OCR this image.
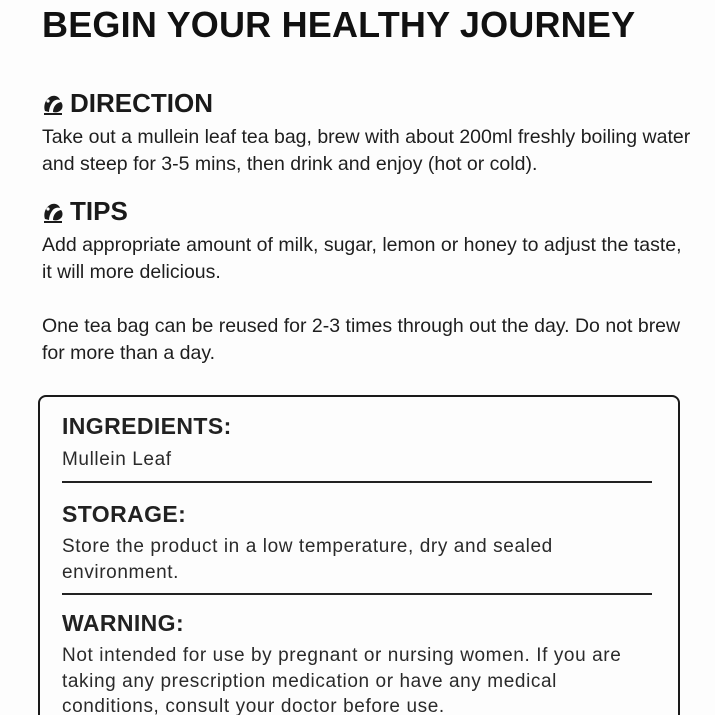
BEGIN YOUR HEALTHY JOURNEY
DIRECTION
Take out a mullein leaf tea bag, brew with about 200ml freshly boiling water and steep for 3-5 mins, then drink and enjoy (hot or cold).
TIPS
Add appropriate amount of milk, sugar, lemon or honey to adjust the taste, it will more delicious.
One tea bag can be reused for 2-3 times through out the day. Do not brew for more than a day.
INGREDIENTS:
Mullein Leaf
STORAGE:
Store the product in a low temperature, dry and sealed environment.
WARNING:
Not intended for use by pregnant or nursing women. If you are taking any prescription medication or have any medical conditions, consult your doctor before use.
